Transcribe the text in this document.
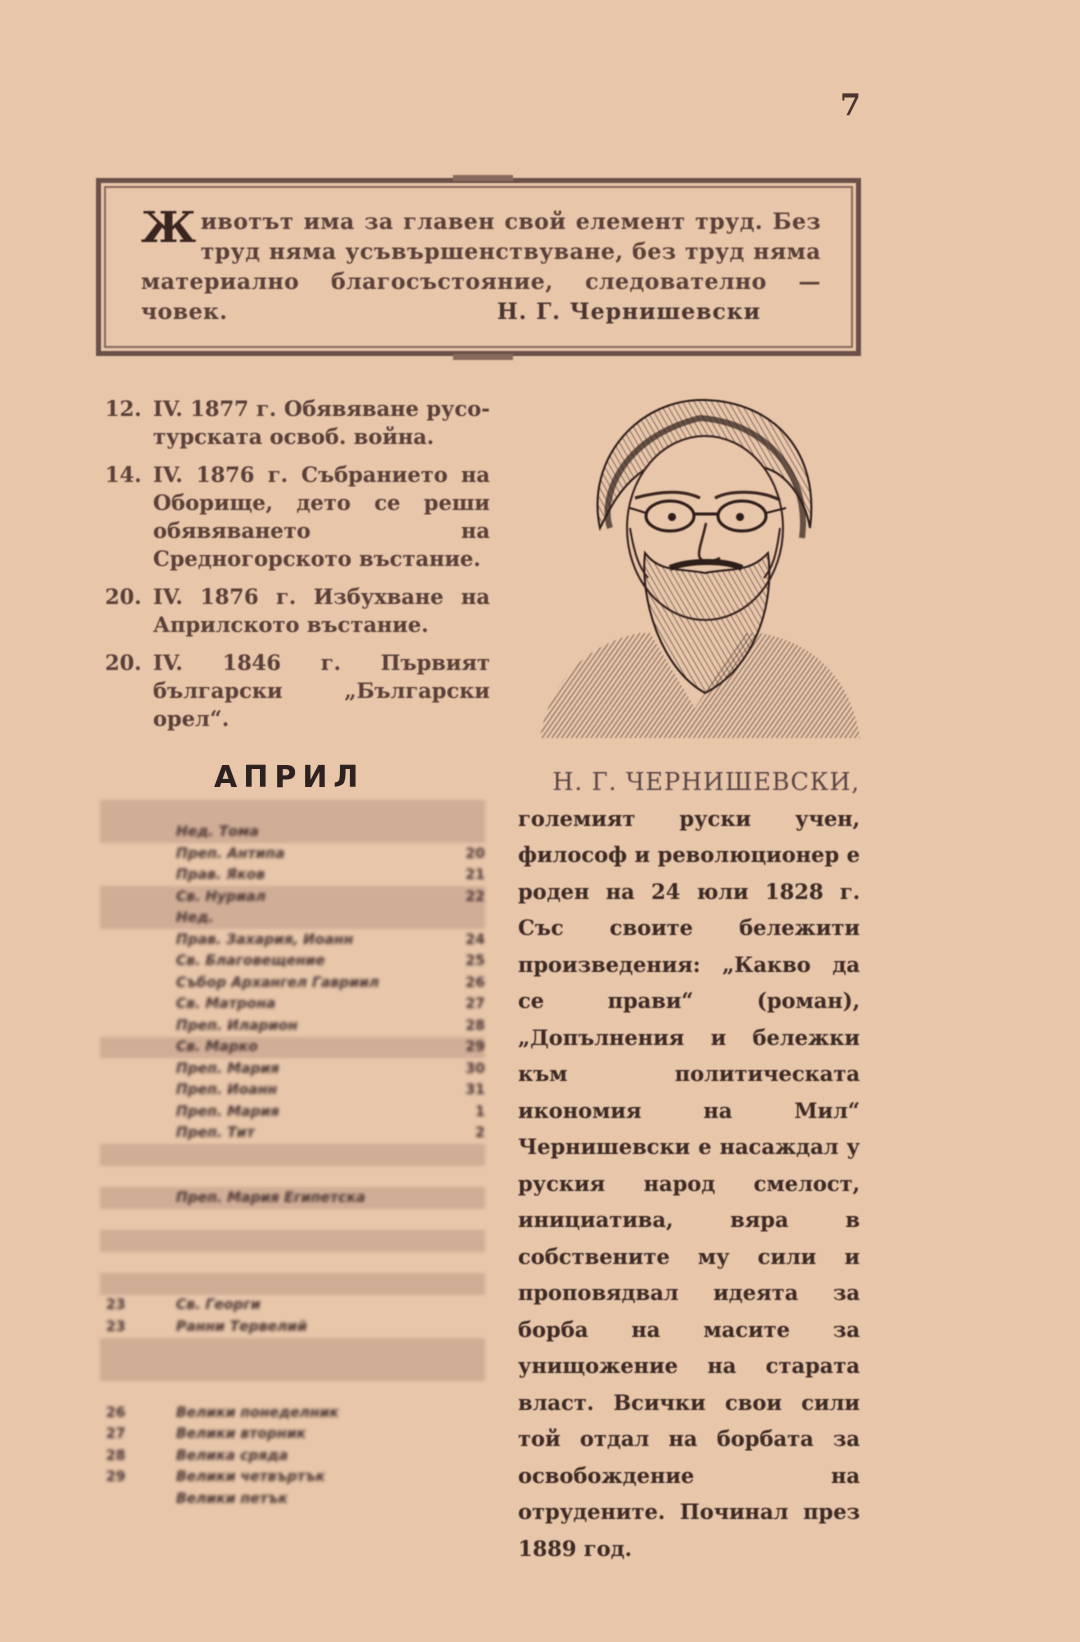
7
Ж ивотът има за главен свой елемент труд. Без труд няма усъвършенствуване, без труд няма материално благосъстояние, следователно — човек.	Н. Г. Чернишевски
12. IV. 1877 г. Обявяване русо-турската освоб. война.
14. IV. 1876 г. Събранието на Оборище, дето се реши обявяването на Средногорското въстание.
20. IV. 1876 г. Избухване на Априлското въстание.
20. IV. 1846 г. Първият български „Български орел“.
Н. Г. ЧЕРНИШЕВСКИ,
големият руски учен, философ и революционер е роден на 24 юли 1828 г. Със своите бележити произведения: „Какво да се прави“ (роман), „Допълнения и бележки към политическата икономия на Мил“ Чернишевски е насаждал у руския народ смелост, инициатива, вяра в собствените му сили и проповядвал идеята за борба на масите за унищожение на старата власт. Всички свои сили той отдал на борбата за освобождение на отрудените. Починал през 1889 год.
АПРИЛ
Нед. Тома
Преп. Антипа	20
Прав. Яков	21
Св. Нуриал	22
Нед.
Прав. Захария, Иоанн	24
Св. Благовещение	25
Събор Архангел Гавриил	26
Св. Матрона	27
Преп. Иларион	28
Св. Марко	29
Преп. Мария	30
Преп. Иоанн	31
Преп. Мария	1
Преп. Тит	2
Преп. Мария Египетска
23	Св. Георги
23	Ранни Тервелий
26	Велики понеделник
27	Велики вторник
28	Велика сряда
29	Велики четвъртък
Велики петък
